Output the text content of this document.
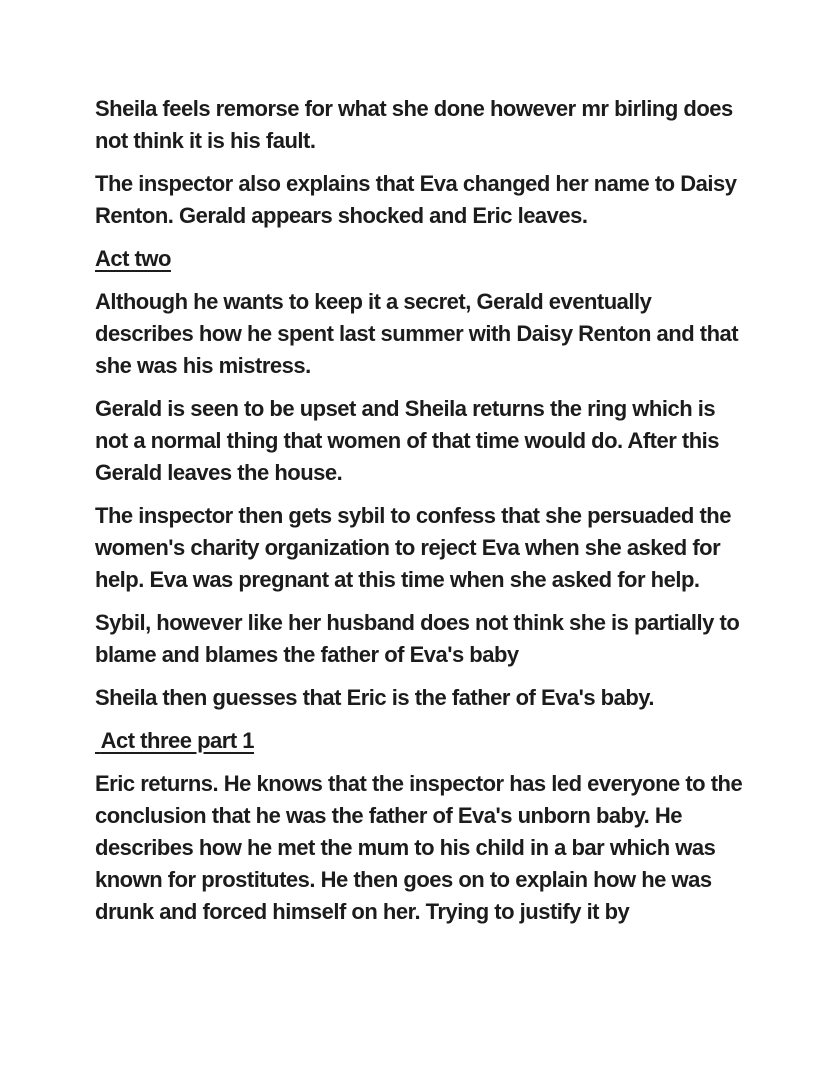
Sheila feels remorse for what she done however mr birling does not think it is his fault.

The inspector also explains that Eva changed her name to Daisy Renton. Gerald appears shocked and Eric leaves.

Act two

Although he wants to keep it a secret, Gerald eventually describes how he spent last summer with Daisy Renton and that she was his mistress.

Gerald is seen to be upset and Sheila returns the ring which is not a normal thing that women of that time would do. After this Gerald leaves the house.

The inspector then gets sybil to confess that she persuaded the women's charity organization to reject Eva when she asked for help. Eva was pregnant at this time when she asked for help.

Sybil, however like her husband does not think she is partially to blame and blames the father of Eva's baby

Sheila then guesses that Eric is the father of Eva's baby.

Act three part 1

Eric returns. He knows that the inspector has led everyone to the conclusion that he was the father of Eva's unborn baby. He describes how he met the mum to his child in a bar which was known for prostitutes. He then goes on to explain how he was drunk and forced himself on her. Trying to justify it by
